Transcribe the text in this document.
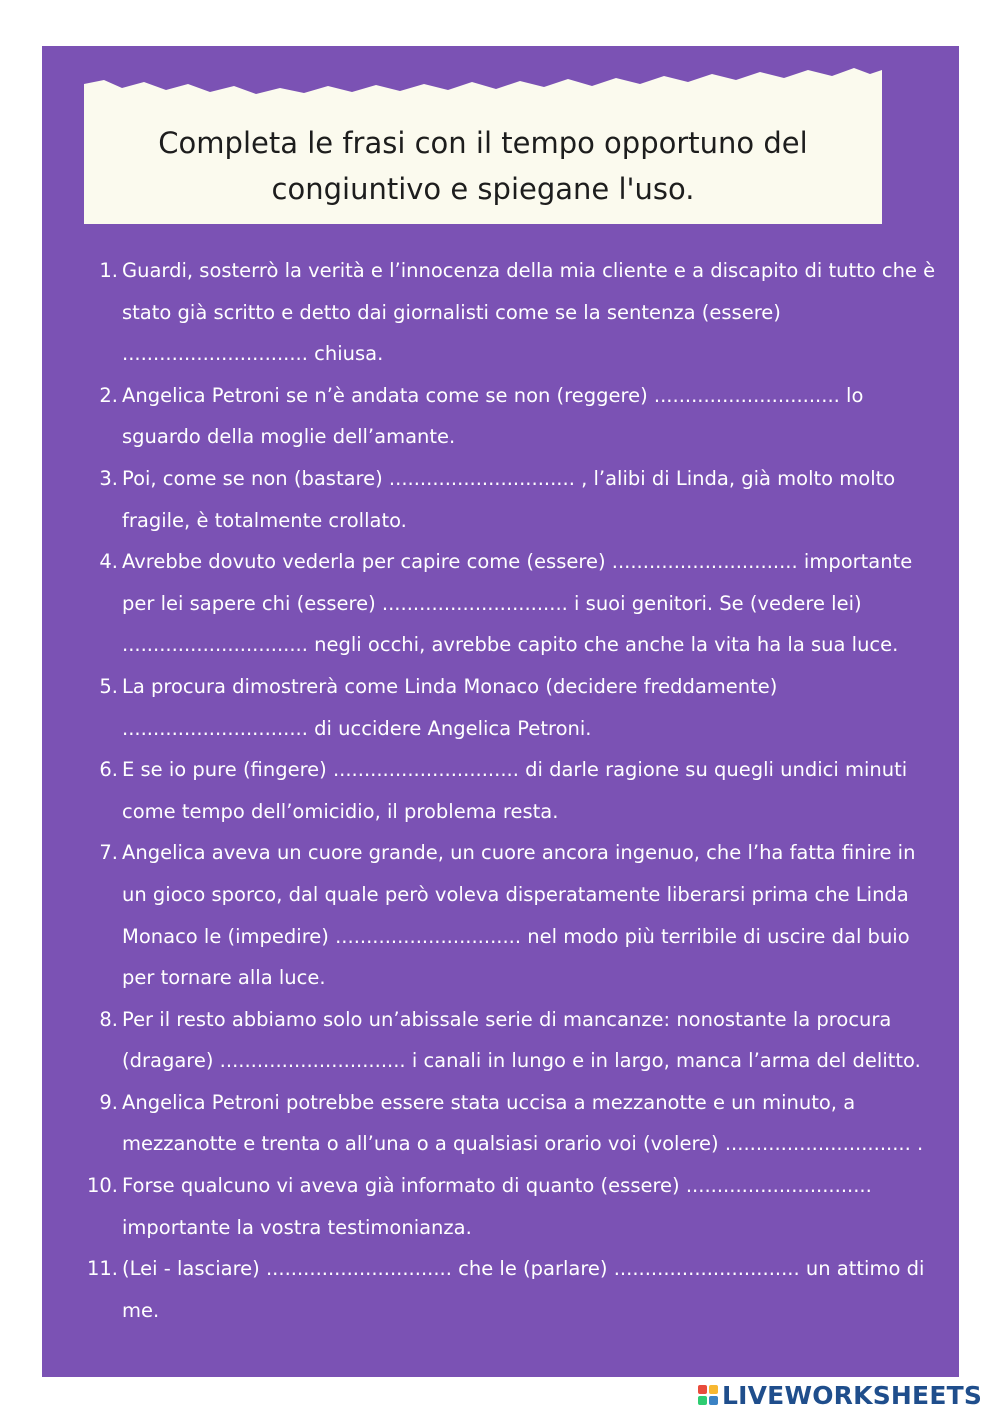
Completa le frasi con il tempo opportuno del congiuntivo e spiegane l'uso.
1. Guardi, sosterrò la verità e l’innocenza della mia cliente e a discapito di tutto che è stato già scritto e detto dai giornalisti come se la sentenza (essere) .............................. chiusa.
2. Angelica Petroni se n’è andata come se non (reggere) .............................. lo sguardo della moglie dell’amante.
3. Poi, come se non (bastare) .............................. , l’alibi di Linda, già molto molto fragile, è totalmente crollato.
4. Avrebbe dovuto vederla per capire come (essere) .............................. importante per lei sapere chi (essere) .............................. i suoi genitori. Se (vedere lei) .............................. negli occhi, avrebbe capito che anche la vita ha la sua luce.
5. La procura dimostrerà come Linda Monaco (decidere freddamente) .............................. di uccidere Angelica Petroni.
6. E se io pure (fingere) .............................. di darle ragione su quegli undici minuti come tempo dell’omicidio, il problema resta.
7. Angelica aveva un cuore grande, un cuore ancora ingenuo, che l’ha fatta finire in un gioco sporco, dal quale però voleva disperatamente liberarsi prima che Linda Monaco le (impedire) .............................. nel modo più terribile di uscire dal buio per tornare alla luce.
8. Per il resto abbiamo solo un’abissale serie di mancanze: nonostante la procura (dragare) .............................. i canali in lungo e in largo, manca l’arma del delitto.
9. Angelica Petroni potrebbe essere stata uccisa a mezzanotte e un minuto, a mezzanotte e trenta o all’una o a qualsiasi orario voi (volere) .............................. .
10. Forse qualcuno vi aveva già informato di quanto (essere) .............................. importante la vostra testimonianza.
11. (Lei - lasciare) .............................. che le (parlare) .............................. un attimo di me.
LIVEWORKSHEETS
